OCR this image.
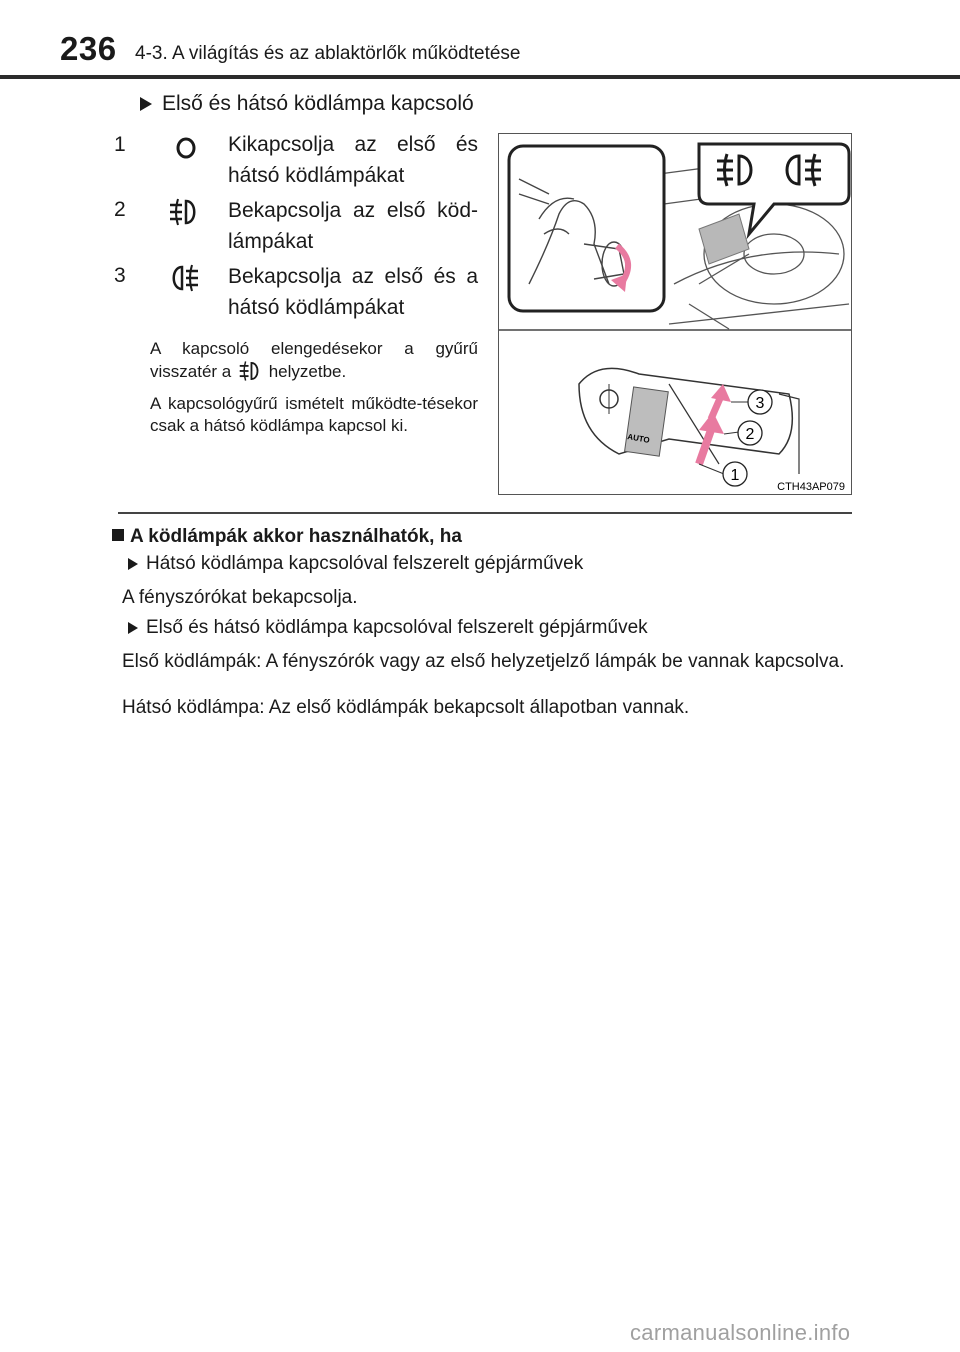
236 4-3. A világítás és az ablaktörlők működtetése
Első és hátsó ködlámpa kapcsoló
1	Kikapcsolja az első és hátsó ködlámpákat
2	Bekapcsolja az első köd-lámpákat
3	Bekapcsolja az első és a hátsó ködlámpákat
A kapcsoló elengedésekor a gyűrű visszatér a helyzetbe.
A kapcsológyűrű ismételt működte-tésekor csak a hátsó ködlámpa kapcsol ki.
AUTO
1
2
3
CTH43AP079
A ködlámpák akkor használhatók, ha
Hátsó ködlámpa kapcsolóval felszerelt gépjárművek
A fényszórókat bekapcsolja.
Első és hátsó ködlámpa kapcsolóval felszerelt gépjárművek
Első ködlámpák: A fényszórók vagy az első helyzetjelző lámpák be vannak kapcsolva.
Hátsó ködlámpa: Az első ködlámpák bekapcsolt állapotban vannak.
carmanualsonline.info
